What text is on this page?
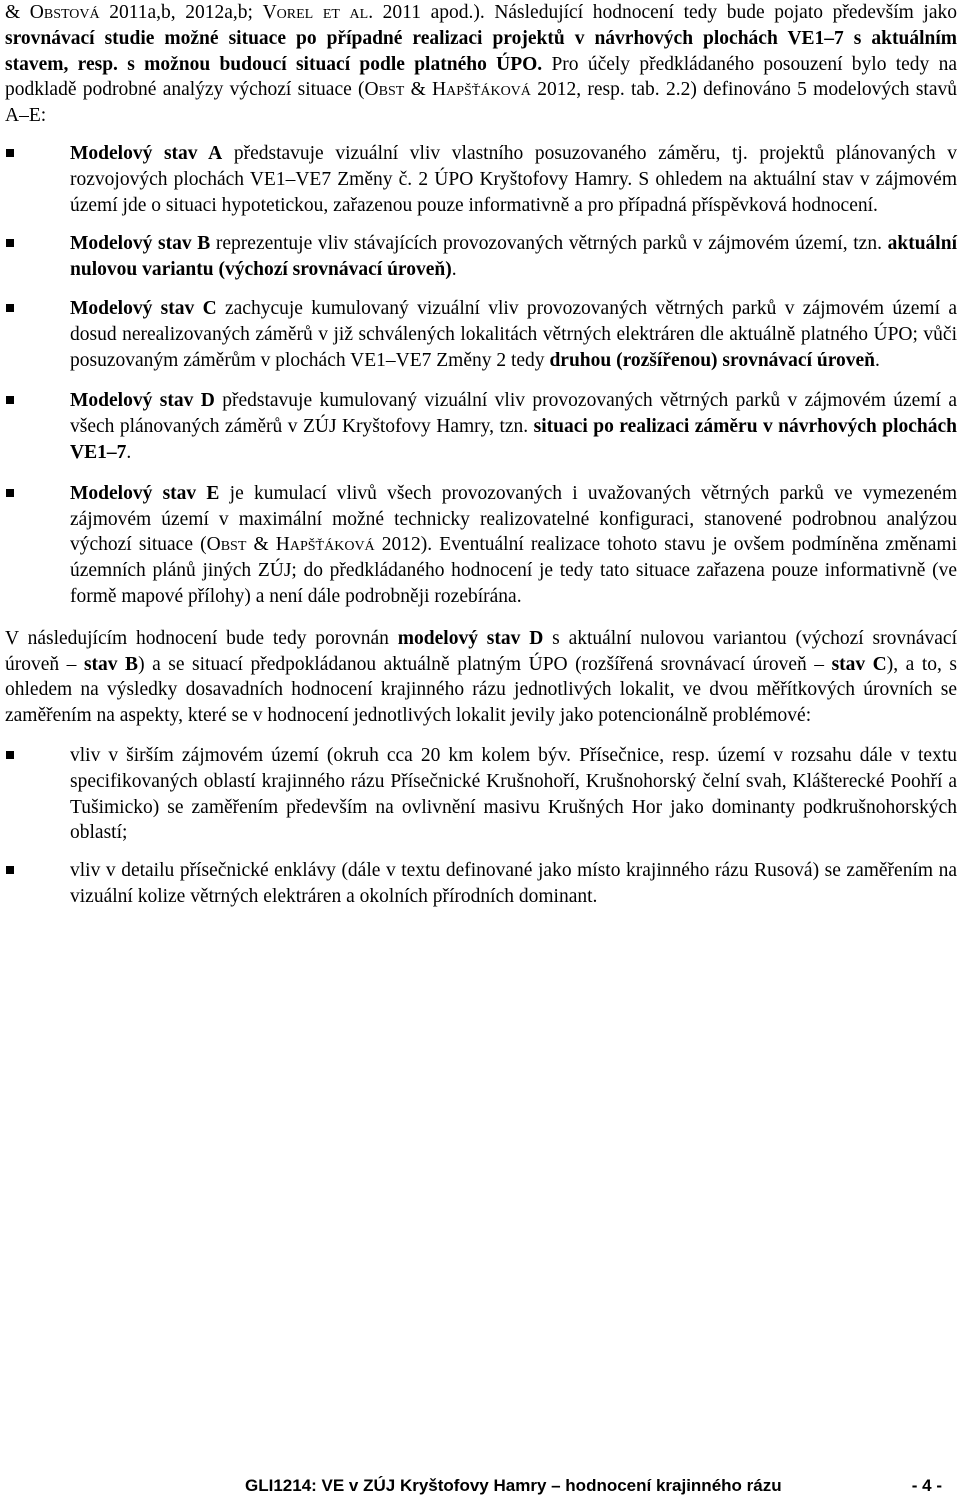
& Obstová 2011a,b, 2012a,b; Vorel et al. 2011 apod.). Následující hodnocení tedy bude pojato především jako srovnávací studie možné situace po případné realizaci projektů v návrhových plochách VE1–7 s aktuálním stavem, resp. s možnou budoucí situací podle platného ÚPO. Pro účely předkládaného posouzení bylo tedy na podkladě podrobné analýzy výchozí situace (Obst & Hapšťáková 2012, resp. tab. 2.2) definováno 5 modelových stavů A–E:

Modelový stav A představuje vizuální vliv vlastního posuzovaného záměru, tj. projektů plánovaných v rozvojových plochách VE1–VE7 Změny č. 2 ÚPO Kryštofovy Hamry. S ohledem na aktuální stav v zájmovém území jde o situaci hypotetickou, zařazenou pouze informativně a pro případná příspěvková hodnocení.
Modelový stav B reprezentuje vliv stávajících provozovaných větrných parků v zájmovém území, tzn. aktuální nulovou variantu (výchozí srovnávací úroveň).
Modelový stav C zachycuje kumulovaný vizuální vliv provozovaných větrných parků v zájmovém území a dosud nerealizovaných záměrů v již schválených lokalitách větrných elektráren dle aktuálně platného ÚPO; vůči posuzovaným záměrům v plochách VE1–VE7 Změny 2 tedy druhou (rozšířenou) srovnávací úroveň.
Modelový stav D představuje kumulovaný vizuální vliv provozovaných větrných parků v zájmovém území a všech plánovaných záměrů v ZÚJ Kryštofovy Hamry, tzn. situaci po realizaci záměru v návrhových plochách VE1–7.
Modelový stav E je kumulací vlivů všech provozovaných i uvažovaných větrných parků ve vymezeném zájmovém území v maximální možné technicky realizovatelné konfiguraci, stanovené podrobnou analýzou výchozí situace (Obst & Hapšťáková 2012). Eventuální realizace tohoto stavu je ovšem podmíněna změnami územních plánů jiných ZÚJ; do předkládaného hodnocení je tedy tato situace zařazena pouze informativně (ve formě mapové přílohy) a není dále podrobněji rozebírána.

V následujícím hodnocení bude tedy porovnán modelový stav D s aktuální nulovou variantou (výchozí srovnávací úroveň – stav B) a se situací předpokládanou aktuálně platným ÚPO (rozšířená srovnávací úroveň – stav C), a to, s ohledem na výsledky dosavadních hodnocení krajinného rázu jednotlivých lokalit, ve dvou měřítkových úrovních se zaměřením na aspekty, které se v hodnocení jednotlivých lokalit jevily jako potencionálně problémové:

vliv v širším zájmovém území (okruh cca 20 km kolem býv. Přísečnice, resp. území v rozsahu dále v textu specifikovaných oblastí krajinného rázu Přísečnické Krušnohoří, Krušnohorský čelní svah, Klášterecké Poohří a Tušimicko) se zaměřením především na ovlivnění masivu Krušných Hor jako dominanty podkrušnohorských oblastí;
vliv v detailu přísečnické enklávy (dále v textu definované jako místo krajinného rázu Rusová) se zaměřením na vizuální kolize větrných elektráren a okolních přírodních dominant.
GLI1214: VE v ZÚJ Kryštofovy Hamry – hodnocení krajinného rázu	- 4 -
